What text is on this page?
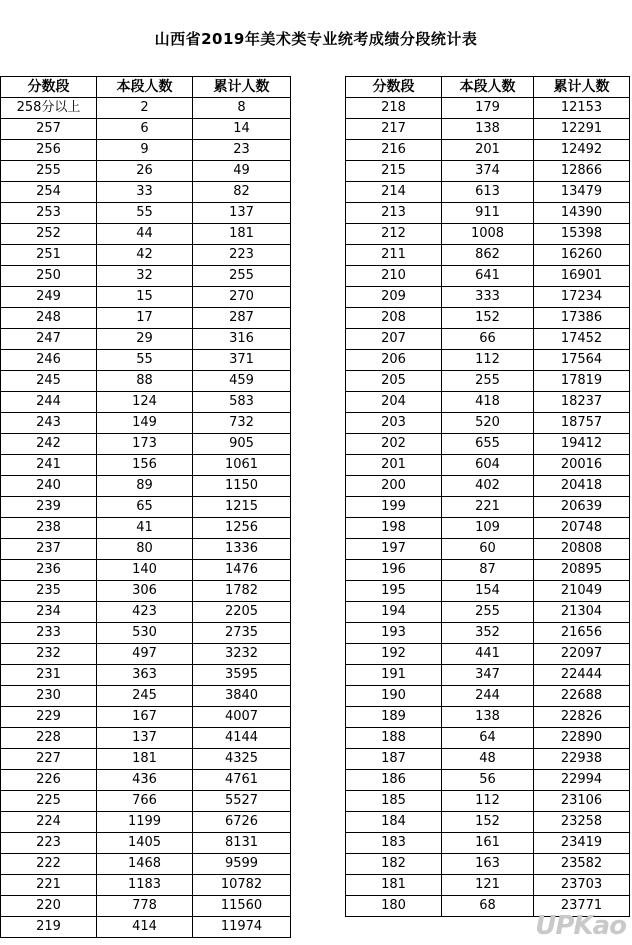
山西省2019年美术类专业统考成绩分段统计表
分数段	本段人数	累计人数
258分以上	2	8
257	6	14
256	9	23
255	26	49
254	33	82
253	55	137
252	44	181
251	42	223
250	32	255
249	15	270
248	17	287
247	29	316
246	55	371
245	88	459
244	124	583
243	149	732
242	173	905
241	156	1061
240	89	1150
239	65	1215
238	41	1256
237	80	1336
236	140	1476
235	306	1782
234	423	2205
233	530	2735
232	497	3232
231	363	3595
230	245	3840
229	167	4007
228	137	4144
227	181	4325
226	436	4761
225	766	5527
224	1199	6726
223	1405	8131
222	1468	9599
221	1183	10782
220	778	11560
219	414	11974
分数段	本段人数	累计人数
218	179	12153
217	138	12291
216	201	12492
215	374	12866
214	613	13479
213	911	14390
212	1008	15398
211	862	16260
210	641	16901
209	333	17234
208	152	17386
207	66	17452
206	112	17564
205	255	17819
204	418	18237
203	520	18757
202	655	19412
201	604	20016
200	402	20418
199	221	20639
198	109	20748
197	60	20808
196	87	20895
195	154	21049
194	255	21304
193	352	21656
192	441	22097
191	347	22444
190	244	22688
189	138	22826
188	64	22890
187	48	22938
186	56	22994
185	112	23106
184	152	23258
183	161	23419
182	163	23582
181	121	23703
180	68	23771
UPKao
